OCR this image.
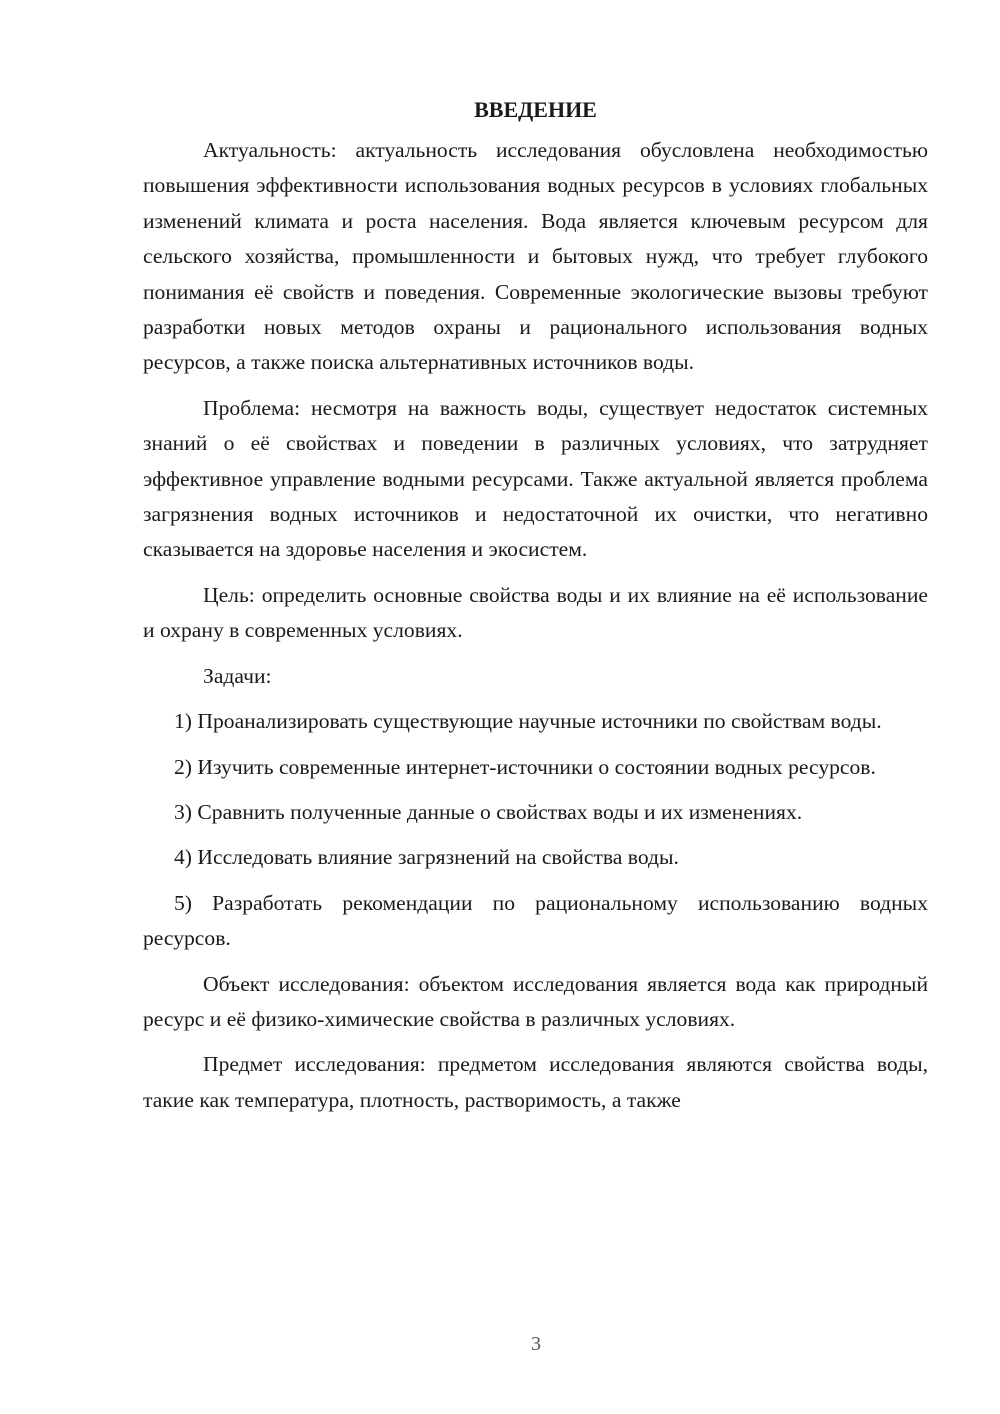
ВВЕДЕНИЕ

Актуальность: актуальность исследования обусловлена необходимостью повышения эффективности использования водных ресурсов в условиях глобальных изменений климата и роста населения. Вода является ключевым ресурсом для сельского хозяйства, промышленности и бытовых нужд, что требует глубокого понимания её свойств и поведения. Современные экологические вызовы требуют разработки новых методов охраны и рационального использования водных ресурсов, а также поиска альтернативных источников воды.

Проблема: несмотря на важность воды, существует недостаток системных знаний о её свойствах и поведении в различных условиях, что затрудняет эффективное управление водными ресурсами. Также актуальной является проблема загрязнения водных источников и недостаточной их очистки, что негативно сказывается на здоровье населения и экосистем.

Цель: определить основные свойства воды и их влияние на её использование и охрану в современных условиях.

Задачи:

1) Проанализировать существующие научные источники по свойствам воды.

2) Изучить современные интернет-источники о состоянии водных ресурсов.

3) Сравнить полученные данные о свойствах воды и их изменениях.

4) Исследовать влияние загрязнений на свойства воды.

5) Разработать рекомендации по рациональному использованию водных ресурсов.

Объект исследования: объектом исследования является вода как природный ресурс и её физико-химические свойства в различных условиях.

Предмет исследования: предметом исследования являются свойства воды, такие как температура, плотность, растворимость, а также

3
